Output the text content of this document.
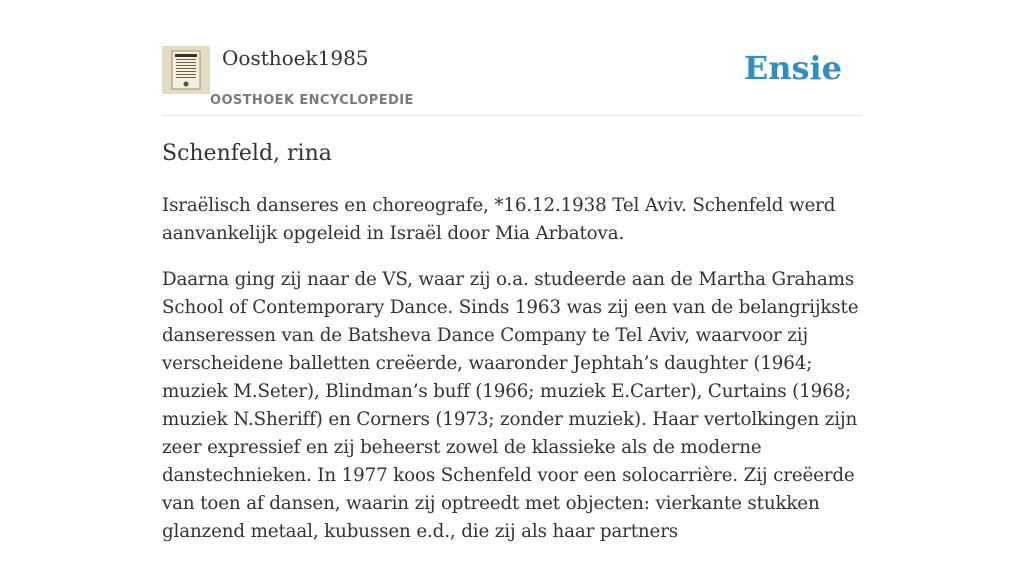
Oosthoek1985
OOSTHOEK ENCYCLOPEDIE
Ensie
Schenfeld, rina

Israëlisch danseres en choreografe, *16.12.1938 Tel Aviv. Schenfeld werd aanvankelijk opgeleid in Israël door Mia Arbatova.

Daarna ging zij naar de VS, waar zij o.a. studeerde aan de Martha Grahams School of Contemporary Dance. Sinds 1963 was zij een van de belangrijkste danseressen van de Batsheva Dance Company te Tel Aviv, waarvoor zij verscheidene balletten creëerde, waaronder Jephtah’s daughter (1964; muziek M.Seter), Blindman’s buff (1966; muziek E.Carter), Curtains (1968; muziek N.Sheriff) en Corners (1973; zonder muziek). Haar vertolkingen zijn zeer expressief en zij beheerst zowel de klassieke als de moderne danstechnieken. In 1977 koos Schenfeld voor een solocarrière. Zij creëerde van toen af dansen, waarin zij optreedt met objecten: vierkante stukken glanzend metaal, kubussen e.d., die zij als haar partners
